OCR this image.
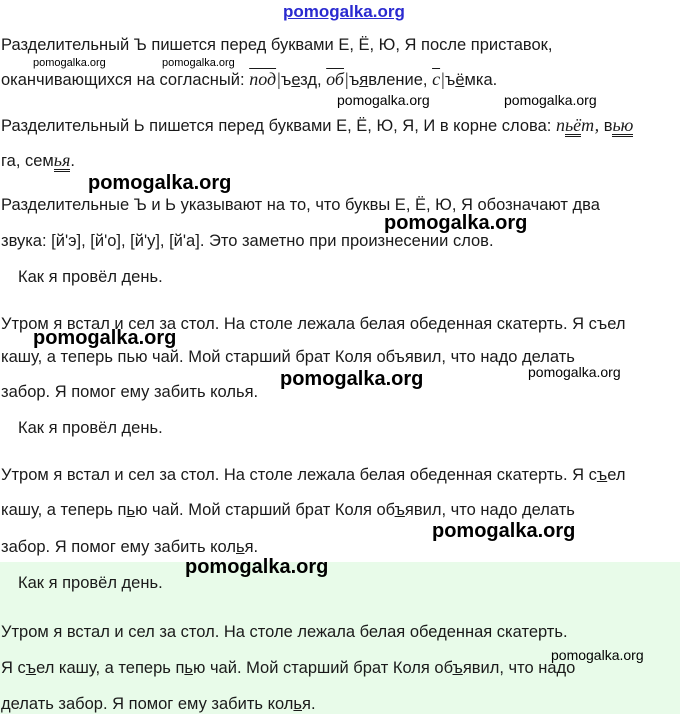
pomogalka.org
pomogalka.org	pomogalka.org
pomogalka.org	pomogalka.org
pomogalka.org
pomogalka.org
pomogalka.org
pomogalka.org
pomogalka.org
pomogalka.org
pomogalka.org
pomogalka.org
Разделительный Ъ пишется перед буквами Е, Ё, Ю, Я после приставок,
оканчивающихся на согласный: под|ъезд, об|ъявление, с|ъёмка.
Разделительный Ь пишется перед буквами Е, Ё, Ю, Я, И в корне слова: пьёт, вью
га, семья.
Разделительные Ъ и Ь указывают на то, что буквы Е, Ё, Ю, Я обозначают два
звука: [й'э], [й'о], [й'у], [й'а]. Это заметно при произнесении слов.
Как я провёл день.
Утром я встал и сел за стол. На столе лежала белая обеденная скатерть. Я съел
кашу, а теперь пью чай. Мой старший брат Коля объявил, что надо делать
забор. Я помог ему забить колья.
Как я провёл день.
Утром я встал и сел за стол. На столе лежала белая обеденная скатерть. Я съел
кашу, а теперь пью чай. Мой старший брат Коля объявил, что надо делать
забор. Я помог ему забить колья.
Как я провёл день.
Утром я встал и сел за стол. На столе лежала белая обеденная скатерть.
Я съел кашу, а теперь пью чай. Мой старший брат Коля объявил, что надо
делать забор. Я помог ему забить колья.
